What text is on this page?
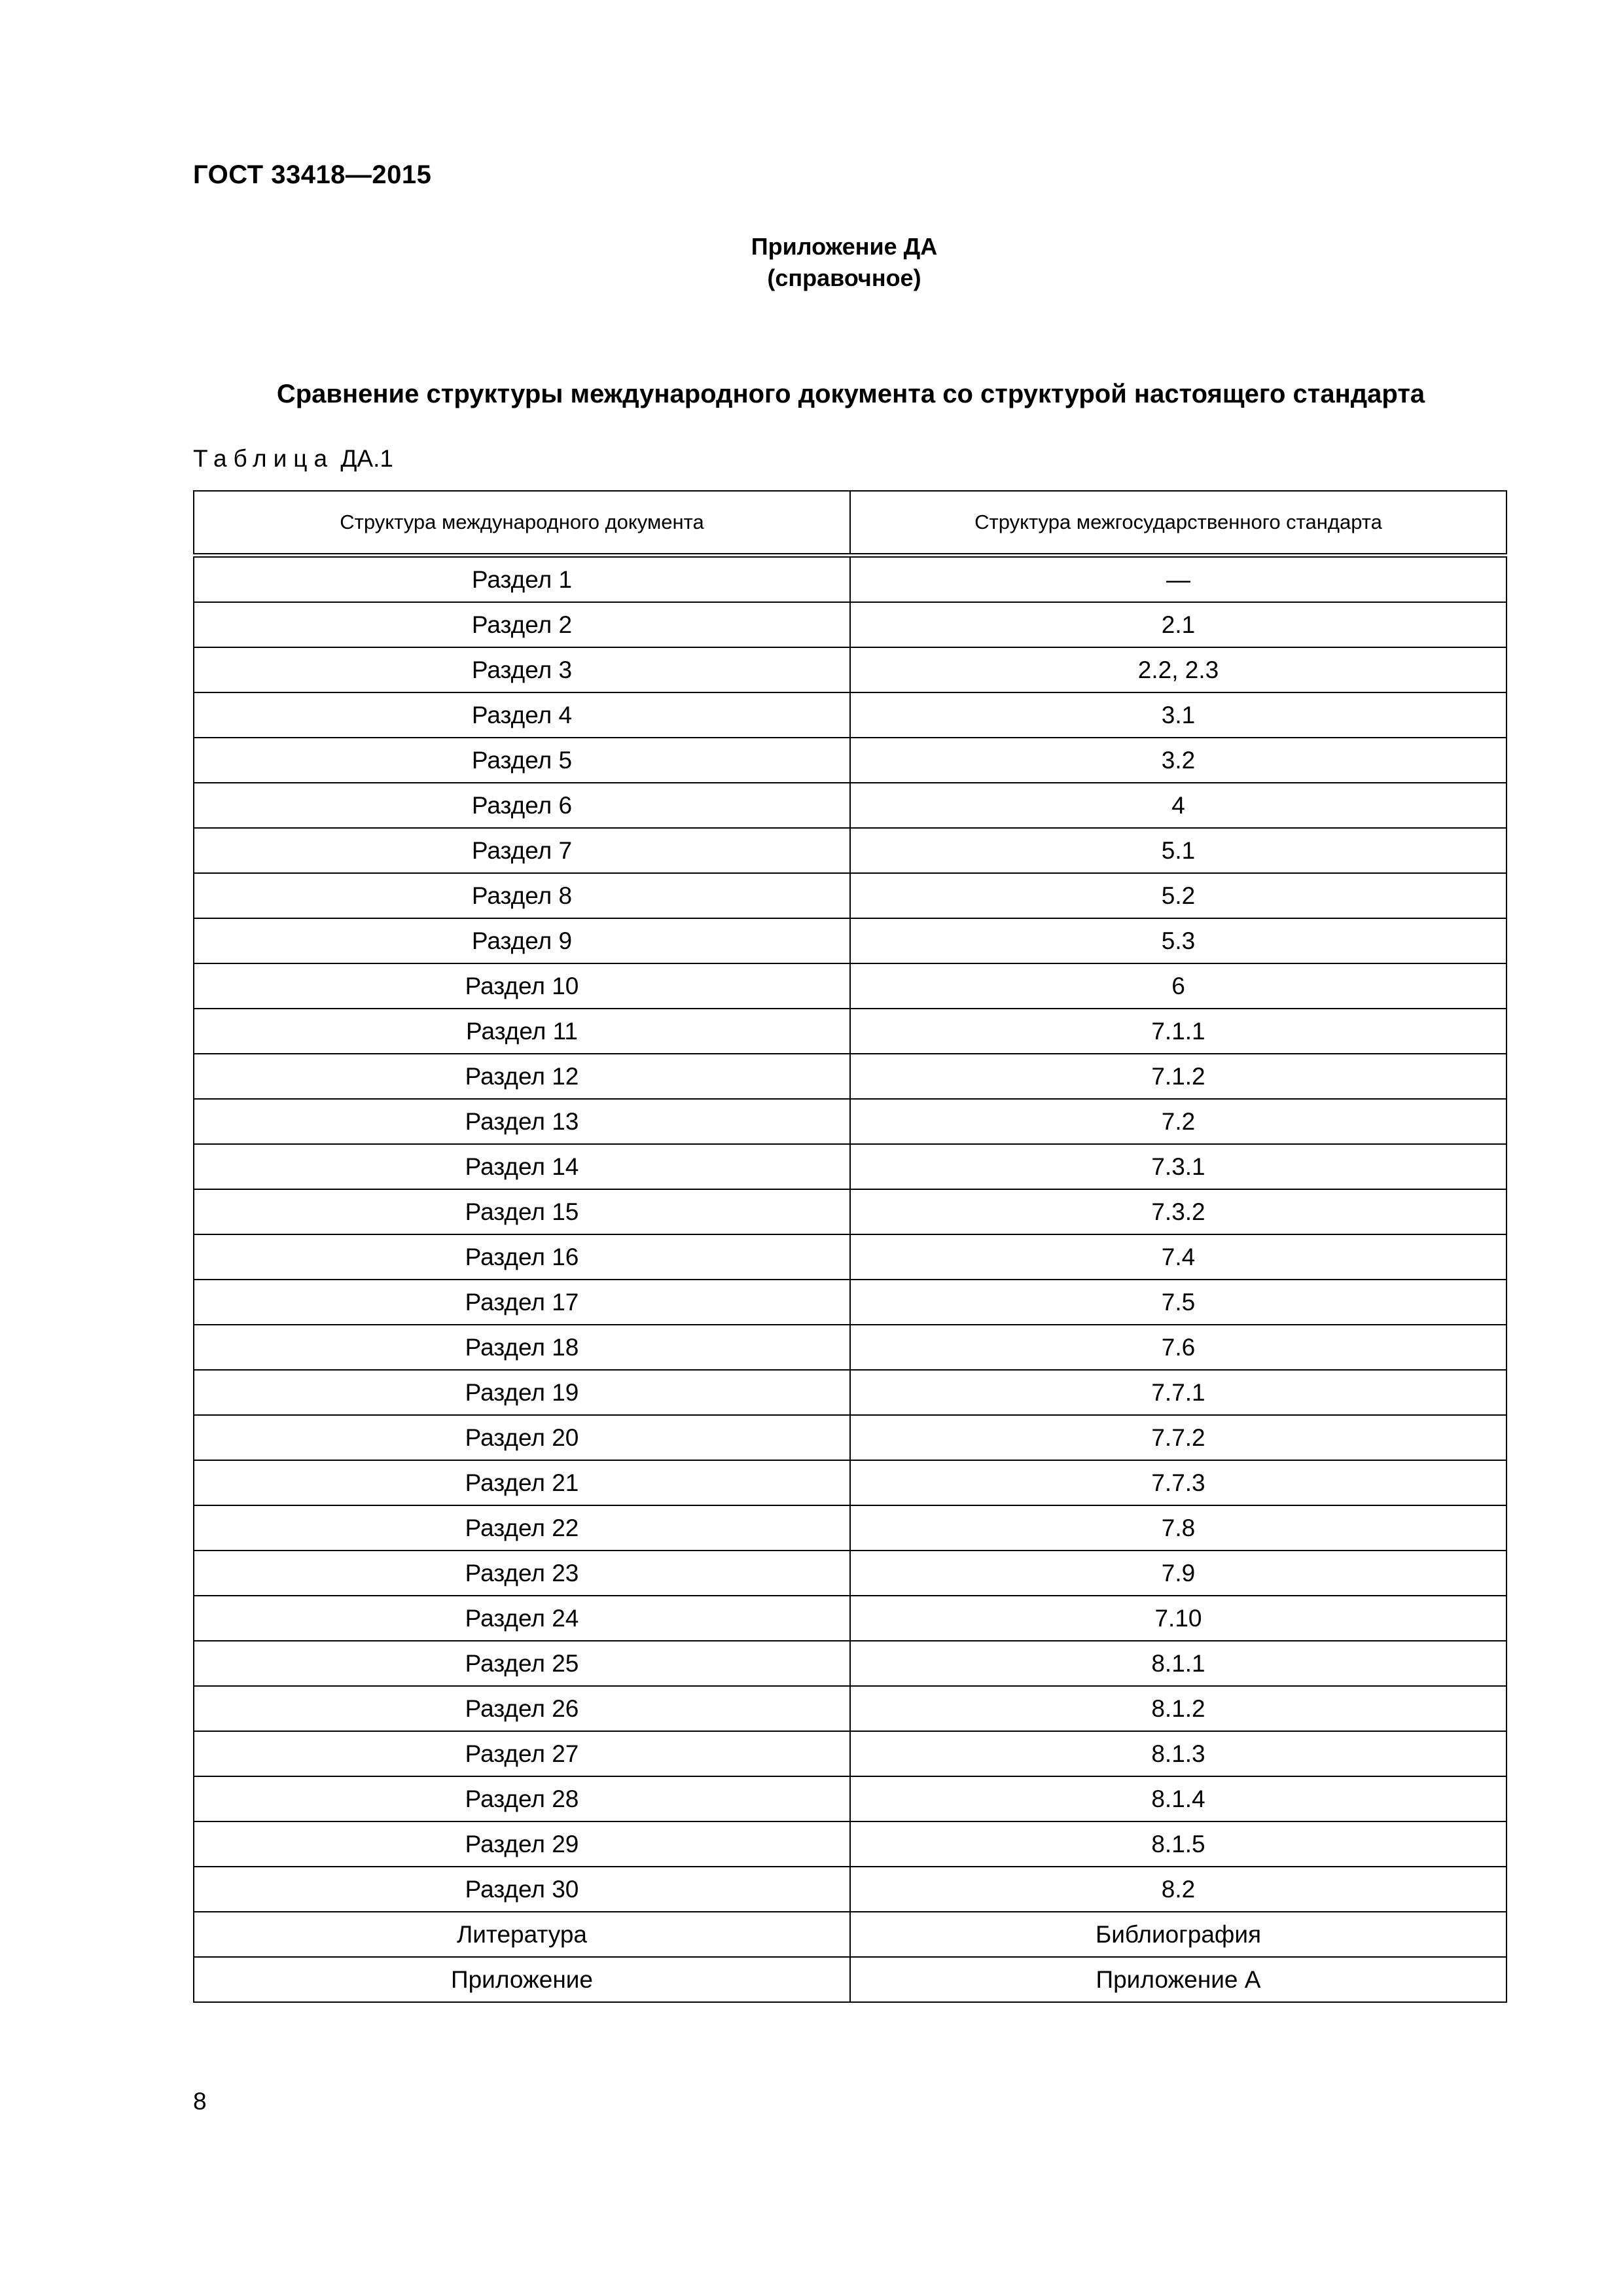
ГОСТ 33418—2015
Приложение ДА
(справочное)
Сравнение структуры международного документа со структурой настоящего стандарта
Таблица ДА.1
Структура международного документа	Структура межгосударственного стандарта
Раздел 1	—
Раздел 2	2.1
Раздел 3	2.2, 2.3
Раздел 4	3.1
Раздел 5	3.2
Раздел 6	4
Раздел 7	5.1
Раздел 8	5.2
Раздел 9	5.3
Раздел 10	6
Раздел 11	7.1.1
Раздел 12	7.1.2
Раздел 13	7.2
Раздел 14	7.3.1
Раздел 15	7.3.2
Раздел 16	7.4
Раздел 17	7.5
Раздел 18	7.6
Раздел 19	7.7.1
Раздел 20	7.7.2
Раздел 21	7.7.3
Раздел 22	7.8
Раздел 23	7.9
Раздел 24	7.10
Раздел 25	8.1.1
Раздел 26	8.1.2
Раздел 27	8.1.3
Раздел 28	8.1.4
Раздел 29	8.1.5
Раздел 30	8.2
Литература	Библиография
Приложение	Приложение А
8
